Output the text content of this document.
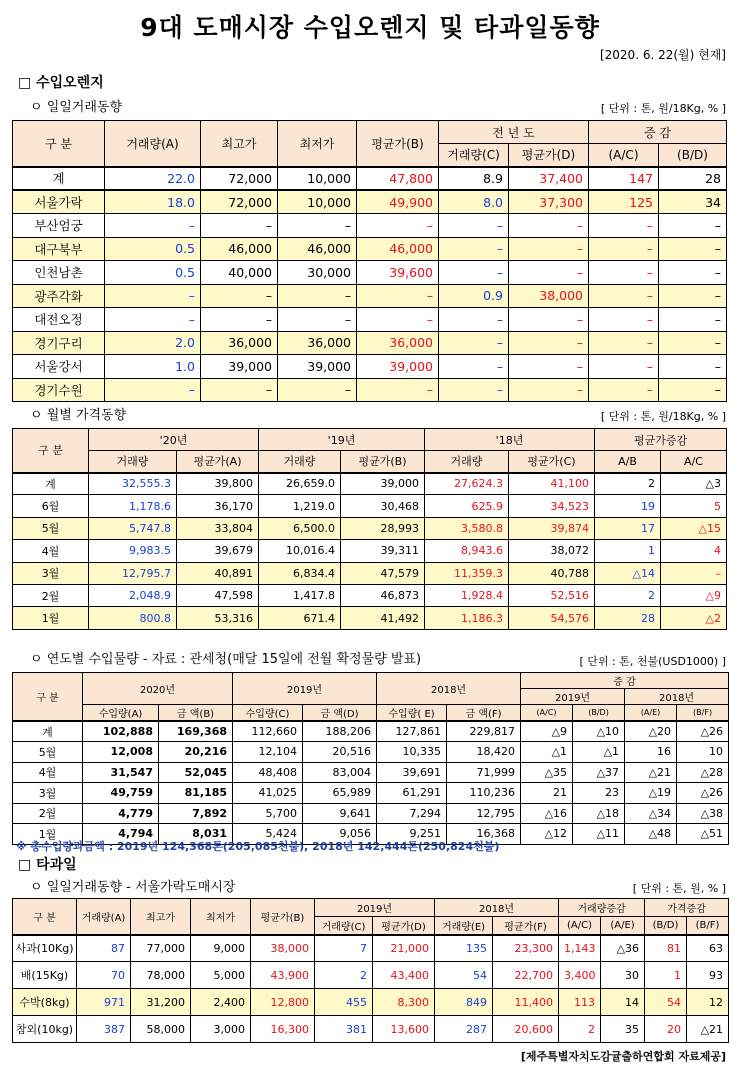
9대 도매시장 수입오렌지 및 타과일동향
[2020. 6. 22(월) 현재]
□ 수입오렌지
ㅇ 일일거래동향	[ 단위 : 톤, 원/18Kg, % ]
구 분	거래량(A)	최고가	최저가	평균가(B)	전 년 도		증 감	
					거래량(C)	평균가(D)	(A/C)	(B/D)
계	22.0	72,000	10,000	47,800	8.9	37,400	147	28
서울가락	18.0	72,000	10,000	49,900	8.0	37,300	125	34
부산엄궁	–	–	–	–	–	–	–	–
대구북부	0.5	46,000	46,000	46,000	–	–	–	–
인천남촌	0.5	40,000	30,000	39,600	–	–	–	–
광주각화	–	–	–	–	0.9	38,000	–	–
대전오정	–	–	–	–	–	–	–	–
경기구리	2.0	36,000	36,000	36,000	–	–	–	–
서울강서	1.0	39,000	39,000	39,000	–	–	–	–
경기수원	–	–	–	–	–	–	–	–
ㅇ 월별 가격동향	[ 단위 : 톤, 원/18Kg, % ]
구 분	'20년		'19년		'18년		평균가증감	
	거래량	평균가(A)	거래량	평균가(B)	거래량	평균가(C)	A/B	A/C
계	32,555.3	39,800	26,659.0	39,000	27,624.3	41,100	2	△3
6월	1,178.6	36,170	1,219.0	30,468	625.9	34,523	19	5
5월	5,747.8	33,804	6,500.0	28,993	3,580.8	39,874	17	△15
4월	9,983.5	39,679	10,016.4	39,311	8,943.6	38,072	1	4
3월	12,795.7	40,891	6,834.4	47,579	11,359.3	40,788	△14	–
2월	2,048.9	47,598	1,417.8	46,873	1,928.4	52,516	2	△9
1월	800.8	53,316	671.4	41,492	1,186.3	54,576	28	△2
ㅇ 연도별 수입물량 - 자료 : 관세청(매달 15일에 전월 확정물량 발표)	[ 단위 : 톤, 천불(USD1000) ]
구 분	2020년		2019년		2018년		증 감			
							2019년		2018년	
	수입량(A)	금 액(B)	수입량(C)	금 액(D)	수입량( E)	금 액(F)	(A/C)	(B/D)	(A/E)	(B/F)
계	102,888	169,368	112,660	188,206	127,861	229,817	△9	△10	△20	△26
5월	12,008	20,216	12,104	20,516	10,335	18,420	△1	△1	16	10
4월	31,547	52,045	48,408	83,004	39,691	71,999	△35	△37	△21	△28
3월	49,759	81,185	41,025	65,989	61,291	110,236	21	23	△19	△26
2월	4,779	7,892	5,700	9,641	7,294	12,795	△16	△18	△34	△38
1월	4,794	8,031	5,424	9,056	9,251	16,368	△12	△11	△48	△51
※ 총수입량과금액 : 2019년 124,368톤(205,085천불), 2018년 142,444톤(250,824천불)
□ 타과일
ㅇ 일일거래동향 - 서울가락도매시장	[ 단위 : 톤, 원, % ]
구 분	거래량(A)	최고가	최저가	평균가(B)	2019년		2018년		거래량증감		가격증감	
					거래량(C)	평균가(D)	거래량(E)	평균가(F)	(A/C)	(A/E)	(B/D)	(B/F)
사과(10Kg)	87	77,000	9,000	38,000	7	21,000	135	23,300	1,143	△36	81	63
배(15Kg)	70	78,000	5,000	43,900	2	43,400	54	22,700	3,400	30	1	93
수박(8kg)	971	31,200	2,400	12,800	455	8,300	849	11,400	113	14	54	12
참외(10kg)	387	58,000	3,000	16,300	381	13,600	287	20,600	2	35	20	△21
[제주특별자치도감귤출하연합회 자료제공]
